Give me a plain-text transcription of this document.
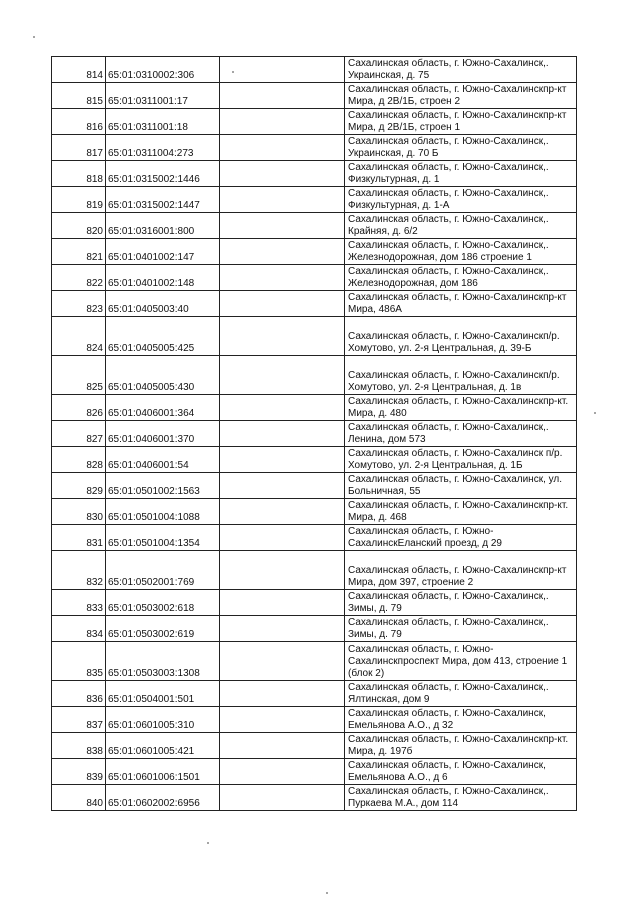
814	65:01:0310002:306		Сахалинская область, г. Южно-Сахалинск,.
Украинская, д. 75

815	65:01:0311001:17		Сахалинская область, г. Южно-Сахалинскпр-кт
Мира, д 2В/1Б, строен 2

816	65:01:0311001:18		Сахалинская область, г. Южно-Сахалинскпр-кт
Мира, д 2В/1Б, строен 1

817	65:01:0311004:273		Сахалинская область, г. Южно-Сахалинск,.
Украинская, д. 70 Б

818	65:01:0315002:1446		Сахалинская область, г. Южно-Сахалинск,.
Физкультурная, д. 1

819	65:01:0315002:1447		Сахалинская область, г. Южно-Сахалинск,.
Физкультурная, д. 1-А

820	65:01:0316001:800		Сахалинская область, г. Южно-Сахалинск,.
Крайняя, д. 6/2

821	65:01:0401002:147		Сахалинская область, г. Южно-Сахалинск,.
Железнодорожная, дом 186 строение 1

822	65:01:0401002:148		Сахалинская область, г. Южно-Сахалинск,.
Железнодорожная, дом 186

823	65:01:0405003:40		Сахалинская область, г. Южно-Сахалинскпр-кт
Мира, 486А

824	65:01:0405005:425		Сахалинская область, г. Южно-Сахалинскп/р.
Хомутово, ул. 2-я Центральная, д. 39-Б

825	65:01:0405005:430		Сахалинская область, г. Южно-Сахалинскп/р.
Хомутово, ул. 2-я Центральная, д. 1в

826	65:01:0406001:364		Сахалинская область, г. Южно-Сахалинскпр-кт.
Мира, д. 480

827	65:01:0406001:370		Сахалинская область, г. Южно-Сахалинск,.
Ленина, дом 573

828	65:01:0406001:54		Сахалинская область, г. Южно-Сахалинск п/р.
Хомутово, ул. 2-я Центральная, д. 1Б

829	65:01:0501002:1563		Сахалинская область, г. Южно-Сахалинск, ул.
Больничная, 55

830	65:01:0501004:1088		Сахалинская область, г. Южно-Сахалинскпр-кт.
Мира, д. 468

831	65:01:0501004:1354		Сахалинская область, г. Южно-
СахалинскЕланский проезд, д 29

832	65:01:0502001:769		Сахалинская область, г. Южно-Сахалинскпр-кт
Мира, дом 397, строение 2

833	65:01:0503002:618		Сахалинская область, г. Южно-Сахалинск,.
Зимы, д. 79

834	65:01:0503002:619		Сахалинская область, г. Южно-Сахалинск,.
Зимы, д. 79

835	65:01:0503003:1308		Сахалинская область, г. Южно-
Сахалинскпроспект Мира, дом 413, строение 1
(блок 2)

836	65:01:0504001:501		Сахалинская область, г. Южно-Сахалинск,.
Ялтинская, дом 9

837	65:01:0601005:310		Сахалинская область, г. Южно-Сахалинск,
Емельянова А.О., д 32

838	65:01:0601005:421		Сахалинская область, г. Южно-Сахалинскпр-кт.
Мира, д. 197б

839	65:01:0601006:1501		Сахалинская область, г. Южно-Сахалинск,
Емельянова А.О., д 6

840	65:01:0602002:6956		Сахалинская область, г. Южно-Сахалинск,.
Пуркаева М.А., дом 114
